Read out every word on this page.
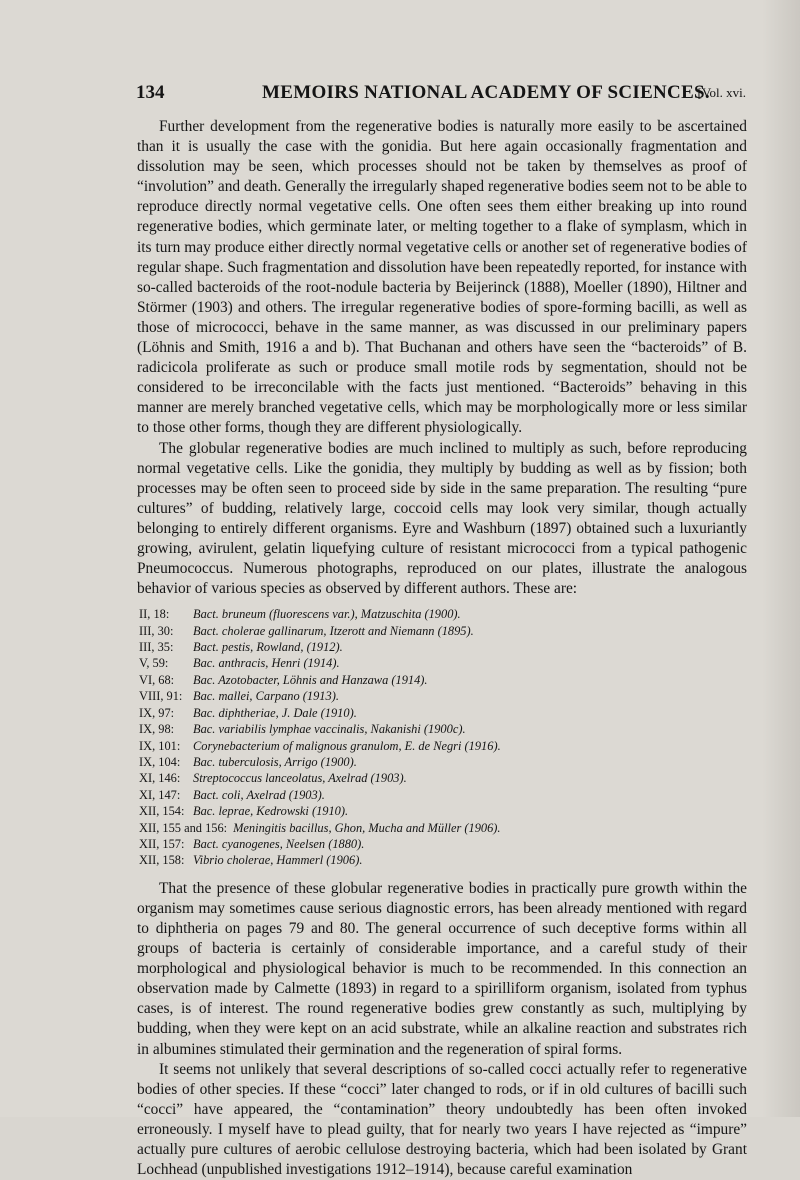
134	MEMOIRS NATIONAL ACADEMY OF SCIENCES.
[Vol. xvi.

Further development from the regenerative bodies is naturally more easily to be ascertained than it is usually the case with the gonidia. But here again occasionally fragmentation and dissolution may be seen, which processes should not be taken by themselves as proof of “involution” and death. Generally the irregularly shaped regenerative bodies seem not to be able to reproduce directly normal vegetative cells. One often sees them either breaking up into round regenerative bodies, which germinate later, or melting together to a flake of symplasm, which in its turn may produce either directly normal vegetative cells or another set of regenerative bodies of regular shape. Such fragmentation and dissolution have been repeatedly reported, for instance with so-called bacteroids of the root-nodule bacteria by Beijerinck (1888), Moeller (1890), Hiltner and Störmer (1903) and others. The irregular regenerative bodies of spore-forming bacilli, as well as those of micrococci, behave in the same manner, as was discussed in our preliminary papers (Löhnis and Smith, 1916 a and b). That Buchanan and others have seen the “bacteroids” of B. radicicola proliferate as such or produce small motile rods by segmentation, should not be considered to be irreconcilable with the facts just mentioned. “Bacteroids” behaving in this manner are merely branched vegetative cells, which may be morphologically more or less similar to those other forms, though they are different physiologically.

The globular regenerative bodies are much inclined to multiply as such, before reproducing normal vegetative cells. Like the gonidia, they multiply by budding as well as by fission; both processes may be often seen to proceed side by side in the same preparation. The resulting “pure cultures” of budding, relatively large, coccoid cells may look very similar, though actually belonging to entirely different organisms. Eyre and Washburn (1897) obtained such a luxuriantly growing, avirulent, gelatin liquefying culture of resistant micrococci from a typical pathogenic Pneumococcus. Numerous photographs, reproduced on our plates, illustrate the analogous behavior of various species as observed by different authors. These are:

II, 18:	Bact. bruneum (fluorescens var.), Matzuschita (1900).
III, 30:	Bact. cholerae gallinarum, Itzerott and Niemann (1895).
III, 35:	Bact. pestis, Rowland, (1912).
V, 59:	Bac. anthracis, Henri (1914).
VI, 68:	Bac. Azotobacter, Löhnis and Hanzawa (1914).
VIII, 91: Bac. mallei, Carpano (1913).
IX, 97:	Bac. diphtheriae, J. Dale (1910).
IX, 98:	Bac. variabilis lymphae vaccinalis, Nakanishi (1900c).
IX, 101:	Corynebacterium of malignous granulom, E. de Negri (1916).
IX, 104:	Bac. tuberculosis, Arrigo (1900).
XI, 146:	Streptococcus lanceolatus, Axelrad (1903).
XI, 147:	Bact. coli, Axelrad (1903).
XII, 154: Bac. leprae, Kedrowski (1910).
XII, 155 and 156: Meningitis bacillus, Ghon, Mucha and Müller (1906).
XII, 157: Bact. cyanogenes, Neelsen (1880).
XII, 158: Vibrio cholerae, Hammerl (1906).

That the presence of these globular regenerative bodies in practically pure growth within the organism may sometimes cause serious diagnostic errors, has been already mentioned with regard to diphtheria on pages 79 and 80. The general occurrence of such deceptive forms within all groups of bacteria is certainly of considerable importance, and a careful study of their morphological and physiological behavior is much to be recommended. In this connection an observation made by Calmette (1893) in regard to a spirilliform organism, isolated from typhus cases, is of interest. The round regenerative bodies grew constantly as such, multiplying by budding, when they were kept on an acid substrate, while an alkaline reaction and substrates rich in albumines stimulated their germination and the regeneration of spiral forms.

It seems not unlikely that several descriptions of so-called cocci actually refer to regenerative bodies of other species. If these “cocci” later changed to rods, or if in old cultures of bacilli such “cocci” have appeared, the “contamination” theory undoubtedly has been often invoked erroneously. I myself have to plead guilty, that for nearly two years I have rejected as “impure” actually pure cultures of aerobic cellulose destroying bacteria, which had been isolated by Grant Lochhead (unpublished investigations 1912–1914), because careful examination
